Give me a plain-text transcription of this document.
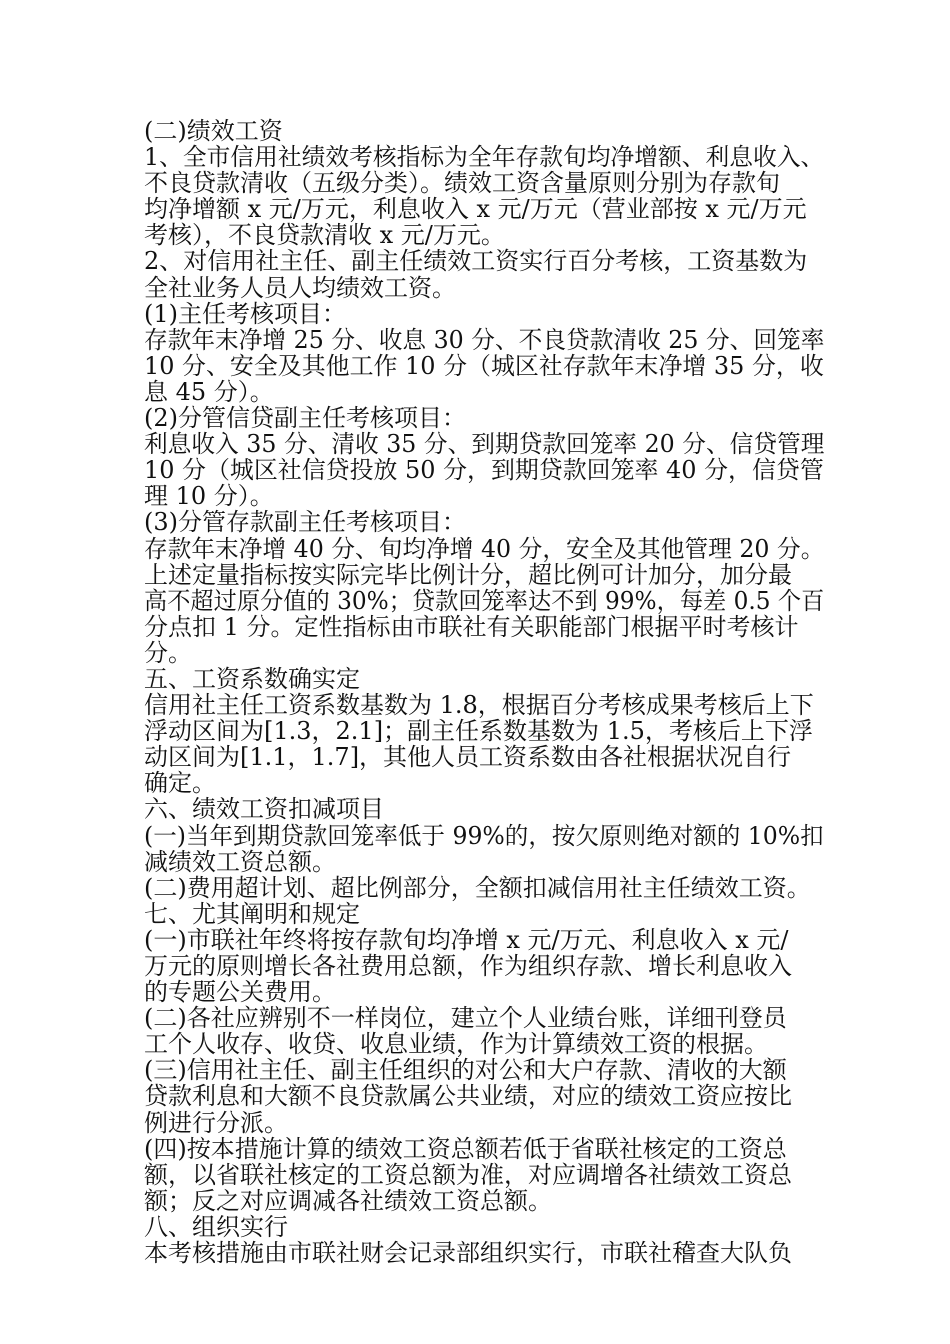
(二)绩效工资
1、全市信用社绩效考核指标为全年存款旬均净增额、利息收入、
不良贷款清收（五级分类）。绩效工资含量原则分别为存款旬
均净增额 x 元/万元，利息收入 x 元/万元（营业部按 x 元/万元
考核），不良贷款清收 x 元/万元。
2、对信用社主任、副主任绩效工资实行百分考核，工资基数为
全社业务人员人均绩效工资。
(1)主任考核项目：
存款年末净增 25 分、收息 30 分、不良贷款清收 25 分、回笼率
10 分、安全及其他工作 10 分（城区社存款年末净增 35 分，收
息 45 分）。
(2)分管信贷副主任考核项目：
利息收入 35 分、清收 35 分、到期贷款回笼率 20 分、信贷管理
10 分（城区社信贷投放 50 分，到期贷款回笼率 40 分，信贷管
理 10 分）。
(3)分管存款副主任考核项目：
存款年末净增 40 分、旬均净增 40 分，安全及其他管理 20 分。
上述定量指标按实际完毕比例计分，超比例可计加分，加分最
高不超过原分值的 30%；贷款回笼率达不到 99%，每差 0.5 个百
分点扣 1 分。定性指标由市联社有关职能部门根据平时考核计
分。
五、工资系数确实定
信用社主任工资系数基数为 1.8，根据百分考核成果考核后上下
浮动区间为[1.3，2.1]；副主任系数基数为 1.5，考核后上下浮
动区间为[1.1，1.7]，其他人员工资系数由各社根据状况自行
确定。
六、绩效工资扣减项目
(一)当年到期贷款回笼率低于 99%的，按欠原则绝对额的 10%扣
减绩效工资总额。
(二)费用超计划、超比例部分，全额扣减信用社主任绩效工资。
七、尤其阐明和规定
(一)市联社年终将按存款旬均净增 x 元/万元、利息收入 x 元/
万元的原则增长各社费用总额，作为组织存款、增长利息收入
的专题公关费用。
(二)各社应辨别不一样岗位，建立个人业绩台账，详细刊登员
工个人收存、收贷、收息业绩，作为计算绩效工资的根据。
(三)信用社主任、副主任组织的对公和大户存款、清收的大额
贷款利息和大额不良贷款属公共业绩，对应的绩效工资应按比
例进行分派。
(四)按本措施计算的绩效工资总额若低于省联社核定的工资总
额，以省联社核定的工资总额为准，对应调增各社绩效工资总
额；反之对应调减各社绩效工资总额。
八、组织实行
本考核措施由市联社财会记录部组织实行，市联社稽查大队负
